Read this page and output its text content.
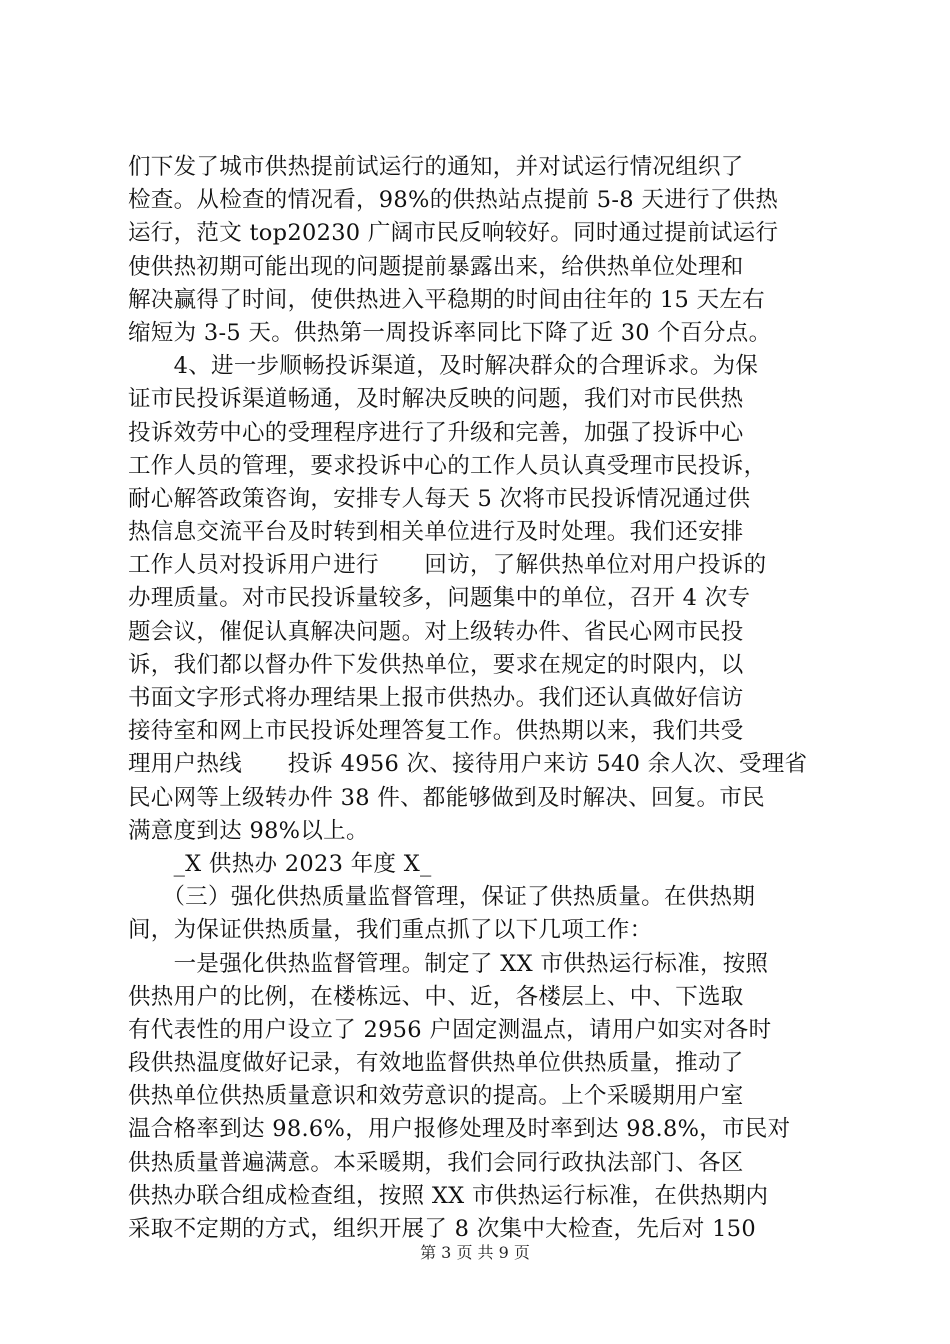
们下发了城市供热提前试运行的通知，并对试运行情况组织了
检查。从检查的情况看，98%的供热站点提前 5-8 天进行了供热
运行，范文 top20230 广阔市民反响较好。同时通过提前试运行
使供热初期可能出现的问题提前暴露出来，给供热单位处理和
解决赢得了时间，使供热进入平稳期的时间由往年的 15 天左右
缩短为 3-5 天。供热第一周投诉率同比下降了近 30 个百分点。
　　4、进一步顺畅投诉渠道，及时解决群众的合理诉求。为保
证市民投诉渠道畅通，及时解决反映的问题，我们对市民供热
投诉效劳中心的受理程序进行了升级和完善，加强了投诉中心
工作人员的管理，要求投诉中心的工作人员认真受理市民投诉，
耐心解答政策咨询，安排专人每天 5 次将市民投诉情况通过供
热信息交流平台及时转到相关单位进行及时处理。我们还安排
工作人员对投诉用户进行　　回访，了解供热单位对用户投诉的
办理质量。对市民投诉量较多，问题集中的单位，召开 4 次专
题会议，催促认真解决问题。对上级转办件、省民心网市民投
诉，我们都以督办件下发供热单位，要求在规定的时限内，以
书面文字形式将办理结果上报市供热办。我们还认真做好信访
接待室和网上市民投诉处理答复工作。供热期以来，我们共受
理用户热线　　投诉 4956 次、接待用户来访 540 余人次、受理省
民心网等上级转办件 38 件、都能够做到及时解决、回复。市民
满意度到达 98%以上。
　　_X 供热办 2023 年度 X_
　　（三）强化供热质量监督管理，保证了供热质量。在供热期
间，为保证供热质量，我们重点抓了以下几项工作：
　　一是强化供热监督管理。制定了 XX 市供热运行标准，按照
供热用户的比例，在楼栋远、中、近，各楼层上、中、下选取
有代表性的用户设立了 2956 户固定测温点，请用户如实对各时
段供热温度做好记录，有效地监督供热单位供热质量，推动了
供热单位供热质量意识和效劳意识的提高。上个采暖期用户室
温合格率到达 98.6%，用户报修处理及时率到达 98.8%，市民对
供热质量普遍满意。本采暖期，我们会同行政执法部门、各区
供热办联合组成检查组，按照 XX 市供热运行标准，在供热期内
采取不定期的方式，组织开展了 8 次集中大检查，先后对 150
第 3 页 共 9 页
